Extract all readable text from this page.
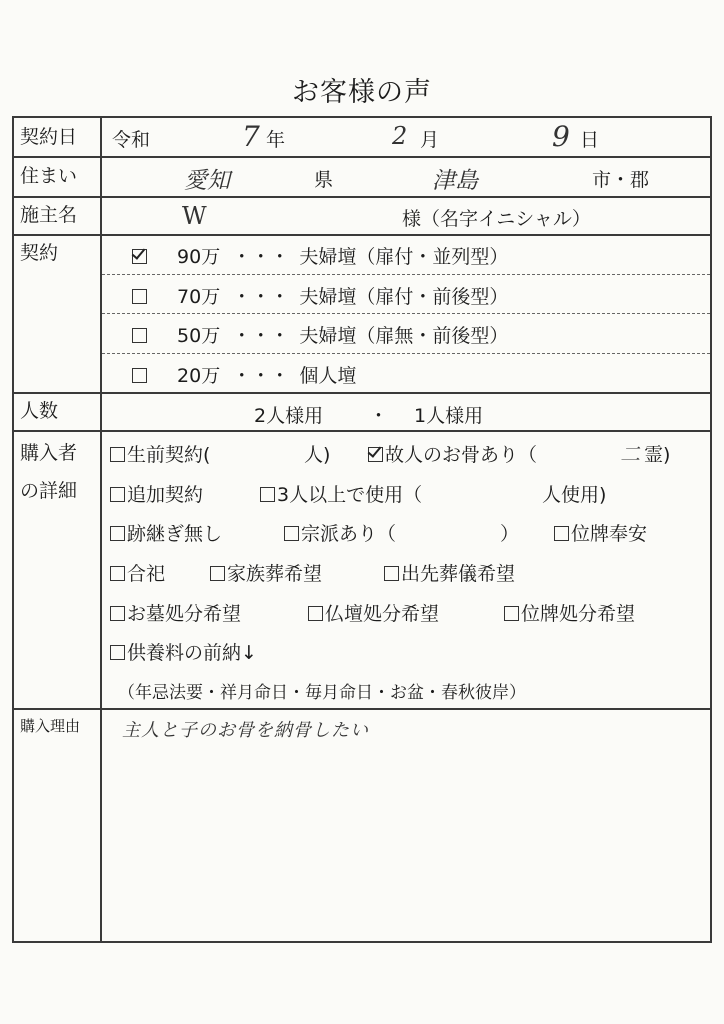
お客様の声
契約日	令和	7 年	2 月	9 日
住まい	愛知	県	津島	市・郡
施主名	W	様（名字イニシャル）
契約	90万 ・・・ 夫婦壇（扉付・並列型）
70万 ・・・ 夫婦壇（扉付・前後型）
50万 ・・・ 夫婦壇（扉無・前後型）
20万 ・・・ 個人壇
人数	2人様用 ・ 1人様用
購入者
の詳細
生前契約(	人)	故人のお骨あり（	二 霊)
追加契約	3人以上で使用（	人使用)
跡継ぎ無し	宗派あり（	）	位牌奉安
合祀	家族葬希望	出先葬儀希望
お墓処分希望	仏壇処分希望	位牌処分希望
供養料の前納↓
（年忌法要・祥月命日・毎月命日・お盆・春秋彼岸）
購入理由	主人と子のお骨を納骨したい
